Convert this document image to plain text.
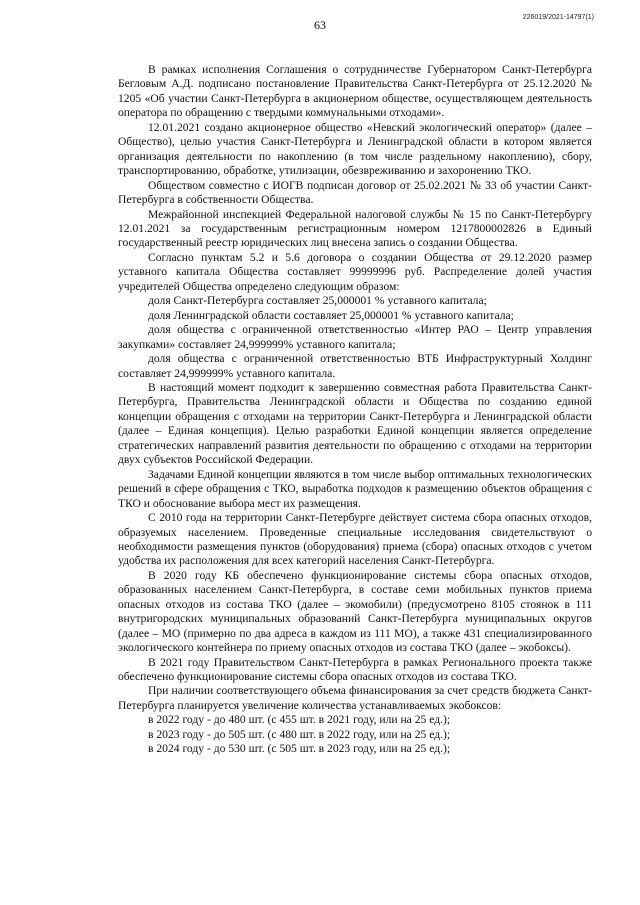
63
226019/2021-14797(1)

В рамках исполнения Соглашения о сотрудничестве Губернатором Санкт-Петербурга Бегловым А.Д. подписано постановление Правительства Санкт-Петербурга от 25.12.2020 № 1205 «Об участии Санкт-Петербурга в акционерном обществе, осуществляющем деятельность оператора по обращению с твердыми коммунальными отходами».

12.01.2021 создано акционерное общество «Невский экологический оператор» (далее – Общество), целью участия Санкт-Петербурга и Ленинградской области в котором является организация деятельности по накоплению (в том числе раздельному накоплению), сбору, транспортированию, обработке, утилизации, обезвреживанию и захоронению ТКО.

Обществом совместно с ИОГВ подписан договор от 25.02.2021 № 33 об участии Санкт-Петербурга в собственности Общества.

Межрайонной инспекцией Федеральной налоговой службы № 15 по Санкт-Петербургу 12.01.2021 за государственным регистрационным номером 1217800002826 в Единый государственный реестр юридических лиц внесена запись о создании Общества.

Согласно пунктам 5.2 и 5.6 договора о создании Общества от 29.12.2020 размер уставного капитала Общества составляет 99999996 руб. Распределение долей участия учредителей Общества определено следующим образом:

доля Санкт-Петербурга составляет 25,000001 % уставного капитала;

доля Ленинградской области составляет 25,000001 % уставного капитала;

доля общества с ограниченной ответственностью «Интер РАО – Центр управления закупками» составляет 24,999999% уставного капитала;

доля общества с ограниченной ответственностью ВТБ Инфраструктурный Холдинг составляет 24,999999% уставного капитала.

В настоящий момент подходит к завершению совместная работа Правительства Санкт-Петербурга, Правительства Ленинградской области и Общества по созданию единой концепции обращения с отходами на территории Санкт-Петербурга и Ленинградской области (далее – Единая концепция). Целью разработки Единой концепции является определение стратегических направлений развития деятельности по обращению с отходами на территории двух субъектов Российской Федерации.

Задачами Единой концепции являются в том числе выбор оптимальных технологических решений в сфере обращения с ТКО, выработка подходов к размещению объектов обращения с ТКО и обоснование выбора мест их размещения.

С 2010 года на территории Санкт-Петербурге действует система сбора опасных отходов, образуемых населением. Проведенные специальные исследования свидетельствуют о необходимости размещения пунктов (оборудования) приема (сбора) опасных отходов с учетом удобства их расположения для всех категорий населения Санкт-Петербурга.

В 2020 году КБ обеспечено функционирование системы сбора опасных отходов, образованных населением Санкт-Петербурга, в составе семи мобильных пунктов приема опасных отходов из состава ТКО (далее – экомобили) (предусмотрено 8105 стоянок в 111 внутригородских муниципальных образований Санкт-Петербурга муниципальных округов (далее – МО (примерно по два адреса в каждом из 111 МО), а также 431 специализированного экологического контейнера по приему опасных отходов из состава ТКО (далее – экобоксы).

В 2021 году Правительством Санкт-Петербурга в рамках Регионального проекта также обеспечено функционирование системы сбора опасных отходов из состава ТКО.

При наличии соответствующего объема финансирования за счет средств бюджета Санкт-Петербурга планируется увеличение количества устанавливаемых экобоксов:

в 2022 году - до 480 шт. (с 455 шт. в 2021 году, или на 25 ед.);

в 2023 году - до 505 шт. (с 480 шт. в 2022 году, или на 25 ед.);

в 2024 году - до 530 шт. (с 505 шт. в 2023 году, или на 25 ед.);
